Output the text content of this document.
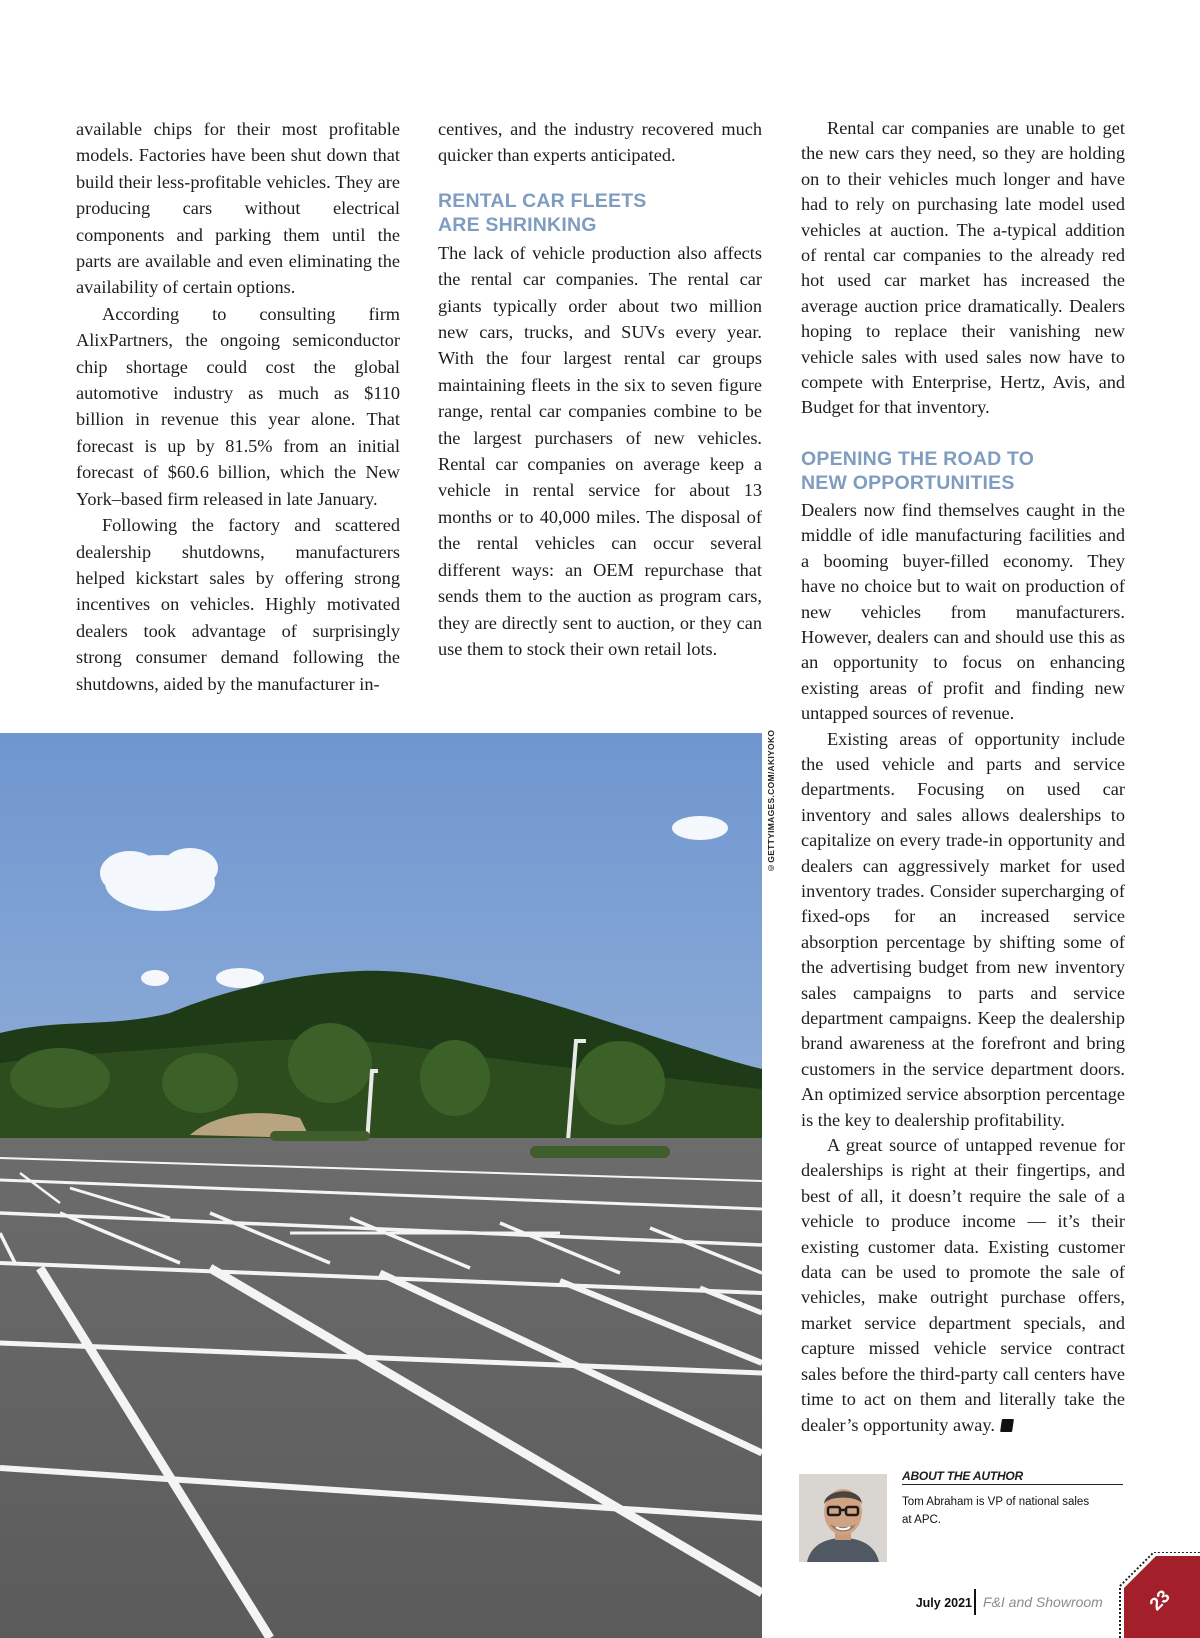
available chips for their most profitable models. Factories have been shut down that build their less-profitable vehicles. They are producing cars without electrical components and parking them until the parts are available and even eliminating the availability of certain options.

According to consulting firm AlixPartners, the ongoing semiconductor chip shortage could cost the global automotive industry as much as $110 billion in revenue this year alone. That forecast is up by 81.5% from an initial forecast of $60.6 billion, which the New York–based firm released in late January.

Following the factory and scattered dealership shutdowns, manufacturers helped kickstart sales by offering strong incentives on vehicles. Highly motivated dealers took advantage of surprisingly strong consumer demand following the shutdowns, aided by the manufacturer in-

centives, and the industry recovered much quicker than experts anticipated.

RENTAL CAR FLEETS
ARE SHRINKING

The lack of vehicle production also affects the rental car companies. The rental car giants typically order about two million new cars, trucks, and SUVs every year. With the four largest rental car groups maintaining fleets in the six to seven figure range, rental car companies combine to be the largest purchasers of new vehicles. Rental car companies on average keep a vehicle in rental service for about 13 months or to 40,000 miles. The disposal of the rental vehicles can occur several different ways: an OEM repurchase that sends them to the auction as program cars, they are directly sent to auction, or they can use them to stock their own retail lots.

Rental car companies are unable to get the new cars they need, so they are holding on to their vehicles much longer and have had to rely on purchasing late model used vehicles at auction. The a-typical addition of rental car companies to the already red hot used car market has increased the average auction price dramatically. Dealers hoping to replace their vanishing new vehicle sales with used sales now have to compete with Enterprise, Hertz, Avis, and Budget for that inventory.

OPENING THE ROAD TO
NEW OPPORTUNITIES

Dealers now find themselves caught in the middle of idle manufacturing facilities and a booming buyer-filled economy. They have no choice but to wait on production of new vehicles from manufacturers. However, dealers can and should use this as an opportunity to focus on enhancing existing areas of profit and finding new untapped sources of revenue.

Existing areas of opportunity include the used vehicle and parts and service departments. Focusing on used car inventory and sales allows dealerships to capitalize on every trade-in opportunity and dealers can aggressively market for used inventory trades. Consider supercharging of fixed-ops for an increased service absorption percentage by shifting some of the advertising budget from new inventory sales campaigns to parts and service department campaigns. Keep the dealership brand awareness at the forefront and bring customers in the service department doors. An optimized service absorption percentage is the key to dealership profitability.

A great source of untapped revenue for dealerships is right at their fingertips, and best of all, it doesn’t require the sale of a vehicle to produce income — it’s their existing customer data. Existing customer data can be used to promote the sale of vehicles, make outright purchase offers, market service department specials, and capture missed vehicle service contract sales before the third-party call centers have time to act on them and literally take the dealer’s opportunity away.

©GETTYIMAGES.COM/AKIYOKO
ABOUT THE AUTHOR
Tom Abraham is VP of national sales
at APC.
July 2021 F&I and Showroom 23
